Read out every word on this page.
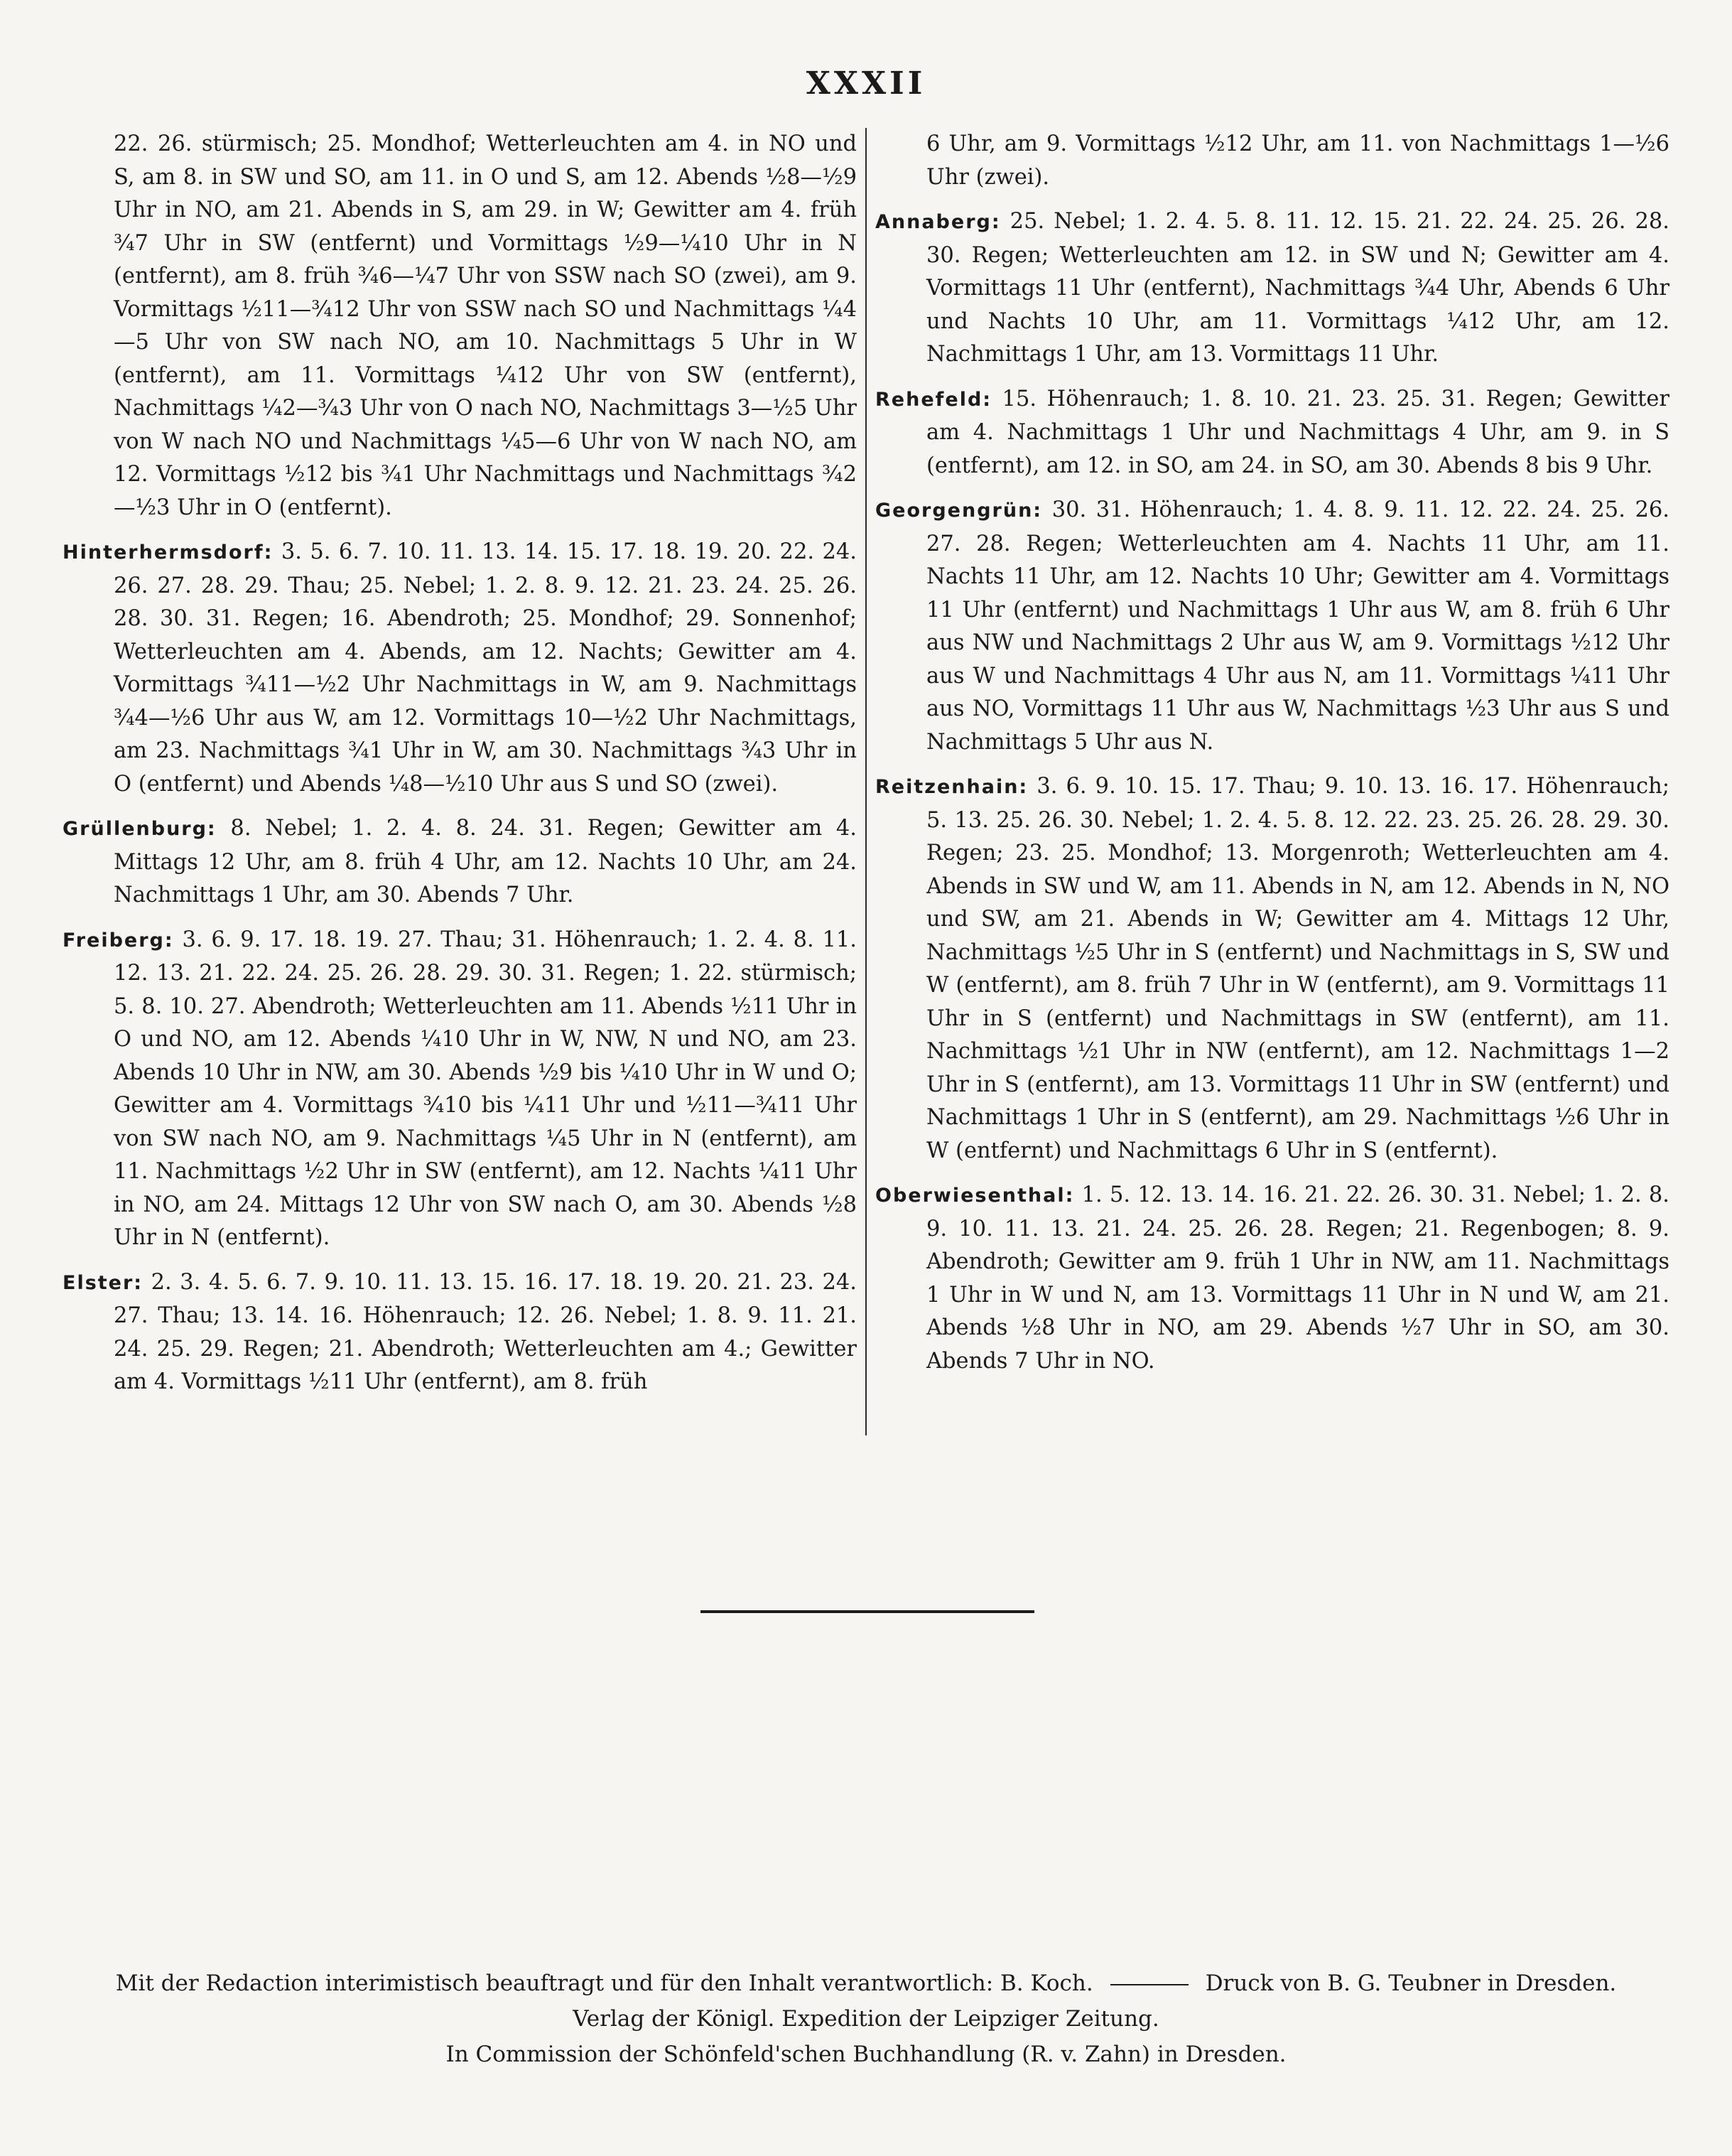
XXXII

22. 26. stürmisch; 25. Mondhof; Wetterleuchten am 4. in NO und S, am 8. in SW und SO, am 11. in O und S, am 12. Abends ½8—½9 Uhr in NO, am 21. Abends in S, am 29. in W; Gewitter am 4. früh ¾7 Uhr in SW (entfernt) und Vormittags ½9—¼10 Uhr in N (entfernt), am 8. früh ¾6—¼7 Uhr von SSW nach SO (zwei), am 9. Vormittags ½11—¾12 Uhr von SSW nach SO und Nachmittags ¼4—5 Uhr von SW nach NO, am 10. Nachmittags 5 Uhr in W (entfernt), am 11. Vormittags ¼12 Uhr von SW (entfernt), Nachmittags ¼2—¾3 Uhr von O nach NO, Nachmittags 3—½5 Uhr von W nach NO und Nachmittags ¼5—6 Uhr von W nach NO, am 12. Vormittags ½12 bis ¾1 Uhr Nachmittags und Nachmittags ¾2—½3 Uhr in O (entfernt).

Hinterhermsdorf: 3. 5. 6. 7. 10. 11. 13. 14. 15. 17. 18. 19. 20. 22. 24. 26. 27. 28. 29. Thau; 25. Nebel; 1. 2. 8. 9. 12. 21. 23. 24. 25. 26. 28. 30. 31. Regen; 16. Abendroth; 25. Mondhof; 29. Sonnenhof; Wetterleuchten am 4. Abends, am 12. Nachts; Gewitter am 4. Vormittags ¾11—½2 Uhr Nachmittags in W, am 9. Nachmittags ¾4—½6 Uhr aus W, am 12. Vormittags 10—½2 Uhr Nachmittags, am 23. Nachmittags ¾1 Uhr in W, am 30. Nachmittags ¾3 Uhr in O (entfernt) und Abends ¼8—½10 Uhr aus S und SO (zwei).

Grüllenburg: 8. Nebel; 1. 2. 4. 8. 24. 31. Regen; Gewitter am 4. Mittags 12 Uhr, am 8. früh 4 Uhr, am 12. Nachts 10 Uhr, am 24. Nachmittags 1 Uhr, am 30. Abends 7 Uhr.

Freiberg: 3. 6. 9. 17. 18. 19. 27. Thau; 31. Höhenrauch; 1. 2. 4. 8. 11. 12. 13. 21. 22. 24. 25. 26. 28. 29. 30. 31. Regen; 1. 22. stürmisch; 5. 8. 10. 27. Abendroth; Wetterleuchten am 11. Abends ½11 Uhr in O und NO, am 12. Abends ¼10 Uhr in W, NW, N und NO, am 23. Abends 10 Uhr in NW, am 30. Abends ½9 bis ¼10 Uhr in W und O; Gewitter am 4. Vormittags ¾10 bis ¼11 Uhr und ½11—¾11 Uhr von SW nach NO, am 9. Nachmittags ¼5 Uhr in N (entfernt), am 11. Nachmittags ½2 Uhr in SW (entfernt), am 12. Nachts ¼11 Uhr in NO, am 24. Mittags 12 Uhr von SW nach O, am 30. Abends ½8 Uhr in N (entfernt).

Elster: 2. 3. 4. 5. 6. 7. 9. 10. 11. 13. 15. 16. 17. 18. 19. 20. 21. 23. 24. 27. Thau; 13. 14. 16. Höhenrauch; 12. 26. Nebel; 1. 8. 9. 11. 21. 24. 25. 29. Regen; 21. Abendroth; Wetterleuchten am 4.; Gewitter am 4. Vormittags ½11 Uhr (entfernt), am 8. früh

6 Uhr, am 9. Vormittags ½12 Uhr, am 11. von Nachmittags 1—½6 Uhr (zwei).

Annaberg: 25. Nebel; 1. 2. 4. 5. 8. 11. 12. 15. 21. 22. 24. 25. 26. 28. 30. Regen; Wetterleuchten am 12. in SW und N; Gewitter am 4. Vormittags 11 Uhr (entfernt), Nachmittags ¾4 Uhr, Abends 6 Uhr und Nachts 10 Uhr, am 11. Vormittags ¼12 Uhr, am 12. Nachmittags 1 Uhr, am 13. Vormittags 11 Uhr.

Rehefeld: 15. Höhenrauch; 1. 8. 10. 21. 23. 25. 31. Regen; Gewitter am 4. Nachmittags 1 Uhr und Nachmittags 4 Uhr, am 9. in S (entfernt), am 12. in SO, am 24. in SO, am 30. Abends 8 bis 9 Uhr.

Georgengrün: 30. 31. Höhenrauch; 1. 4. 8. 9. 11. 12. 22. 24. 25. 26. 27. 28. Regen; Wetterleuchten am 4. Nachts 11 Uhr, am 11. Nachts 11 Uhr, am 12. Nachts 10 Uhr; Gewitter am 4. Vormittags 11 Uhr (entfernt) und Nachmittags 1 Uhr aus W, am 8. früh 6 Uhr aus NW und Nachmittags 2 Uhr aus W, am 9. Vormittags ½12 Uhr aus W und Nachmittags 4 Uhr aus N, am 11. Vormittags ¼11 Uhr aus NO, Vormittags 11 Uhr aus W, Nachmittags ½3 Uhr aus S und Nachmittags 5 Uhr aus N.

Reitzenhain: 3. 6. 9. 10. 15. 17. Thau; 9. 10. 13. 16. 17. Höhenrauch; 5. 13. 25. 26. 30. Nebel; 1. 2. 4. 5. 8. 12. 22. 23. 25. 26. 28. 29. 30. Regen; 23. 25. Mondhof; 13. Morgenroth; Wetterleuchten am 4. Abends in SW und W, am 11. Abends in N, am 12. Abends in N, NO und SW, am 21. Abends in W; Gewitter am 4. Mittags 12 Uhr, Nachmittags ½5 Uhr in S (entfernt) und Nachmittags in S, SW und W (entfernt), am 8. früh 7 Uhr in W (entfernt), am 9. Vormittags 11 Uhr in S (entfernt) und Nachmittags in SW (entfernt), am 11. Nachmittags ½1 Uhr in NW (entfernt), am 12. Nachmittags 1—2 Uhr in S (entfernt), am 13. Vormittags 11 Uhr in SW (entfernt) und Nachmittags 1 Uhr in S (entfernt), am 29. Nachmittags ½6 Uhr in W (entfernt) und Nachmittags 6 Uhr in S (entfernt).

Oberwiesenthal: 1. 5. 12. 13. 14. 16. 21. 22. 26. 30. 31. Nebel; 1. 2. 8. 9. 10. 11. 13. 21. 24. 25. 26. 28. Regen; 21. Regenbogen; 8. 9. Abendroth; Gewitter am 9. früh 1 Uhr in NW, am 11. Nachmittags 1 Uhr in W und N, am 13. Vormittags 11 Uhr in N und W, am 21. Abends ½8 Uhr in NO, am 29. Abends ½7 Uhr in SO, am 30. Abends 7 Uhr in NO.

Mit der Redaction interimistisch beauftragt und für den Inhalt verantwortlich: B. Koch.	Druck von B. G. Teubner in Dresden.
Verlag der Königl. Expedition der Leipziger Zeitung.
In Commission der Schönfeld'schen Buchhandlung (R. v. Zahn) in Dresden.
